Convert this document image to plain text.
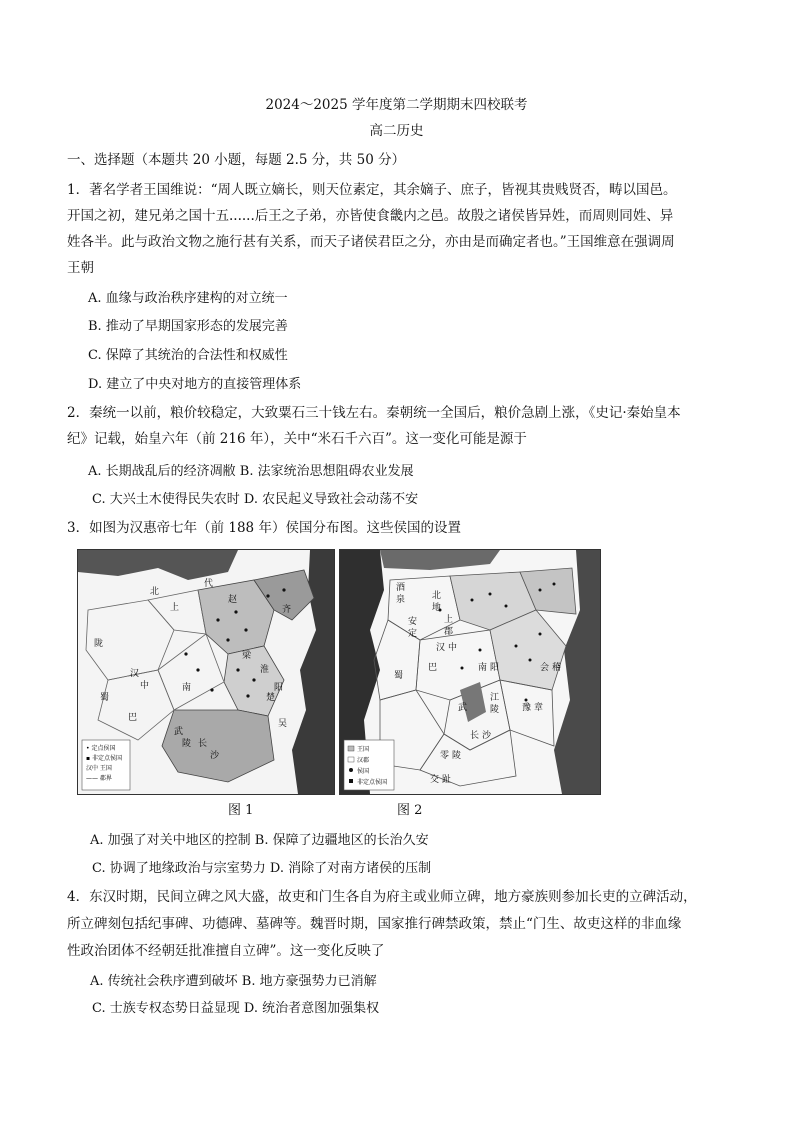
2024～2025 学年度第二学期期末四校联考
高二历史
一、选择题（本题共 20 小题，每题 2.5 分，共 50 分）
1．著名学者王国维说：“周人既立嫡长，则天位素定，其余嫡子、庶子，皆视其贵贱贤否，畴以国邑。
开国之初，建兄弟之国十五......后王之子弟，亦皆使食畿内之邑。故殷之诸侯皆异姓，而周则同姓、异
姓各半。此与政治文物之施行甚有关系，而天子诸侯君臣之分，亦由是而确定者也。”王国维意在强调周
王朝
A. 血缘与政治秩序建构的对立统一
B. 推动了早期国家形态的发展完善
C. 保障了其统治的合法性和权威性
D. 建立了中央对地方的直接管理体系
2．秦统一以前，粮价较稳定，大致粟石三十钱左右。秦朝统一全国后，粮价急剧上涨，《史记·秦始皇本
纪》记载，始皇六年（前 216 年），关中“米石千六百”。这一变化可能是源于
A. 长期战乱后的经济凋敝 B. 法家统治思想阻碍农业发展
C. 大兴土木使得民失农时 D. 农民起义导致社会动荡不安
3．如图为汉惠帝七年（前 188 年）侯国分布图。这些侯国的设置
• 定点侯国
▪ 非定点侯国
汉中 王国
—— 郡界
代
赵
上
北
梁
淮
阳
陇
汉
中
蜀
巴
南
长
沙
武
陵
楚
吴
齐
王国
汉郡
侯国
非定点侯国
酒
泉
安
定
北
地
上
郡
巴
蜀
汉 中
南 阳
江
陵
长 沙
豫 章
会 稽
零 陵
交 趾
武
图 1	图 2
A. 加强了对关中地区的控制 B. 保障了边疆地区的长治久安
C. 协调了地缘政治与宗室势力 D. 消除了对南方诸侯的压制
4．东汉时期，民间立碑之风大盛，故吏和门生各自为府主或业师立碑，地方豪族则参加长吏的立碑活动，
所立碑刻包括纪事碑、功德碑、墓碑等。魏晋时期，国家推行碑禁政策，禁止“门生、故吏这样的非血缘
性政治团体不经朝廷批准擅自立碑”。这一变化反映了
A. 传统社会秩序遭到破坏 B. 地方豪强势力已消解
C. 士族专权态势日益显现 D. 统治者意图加强集权
